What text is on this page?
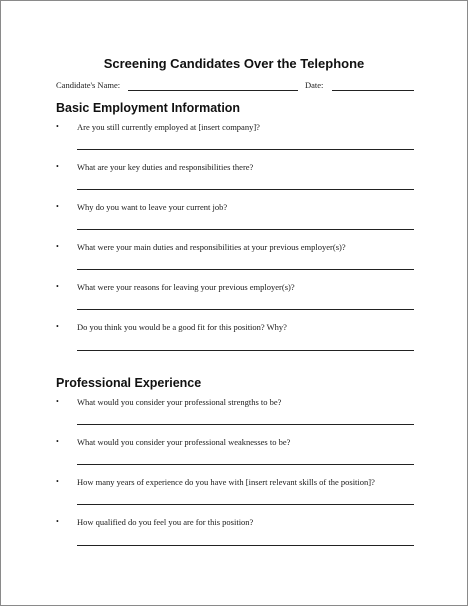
Screening Candidates Over the Telephone
Candidate's Name:	Date:
Basic Employment Information
• Are you still currently employed at [insert company]?
• What are your key duties and responsibilities there?
• Why do you want to leave your current job?
• What were your main duties and responsibilities at your previous employer(s)?
• What were your reasons for leaving your previous employer(s)?
• Do you think you would be a good fit for this position? Why?
Professional Experience
• What would you consider your professional strengths to be?
• What would you consider your professional weaknesses to be?
• How many years of experience do you have with [insert relevant skills of the position]?
• How qualified do you feel you are for this position?
